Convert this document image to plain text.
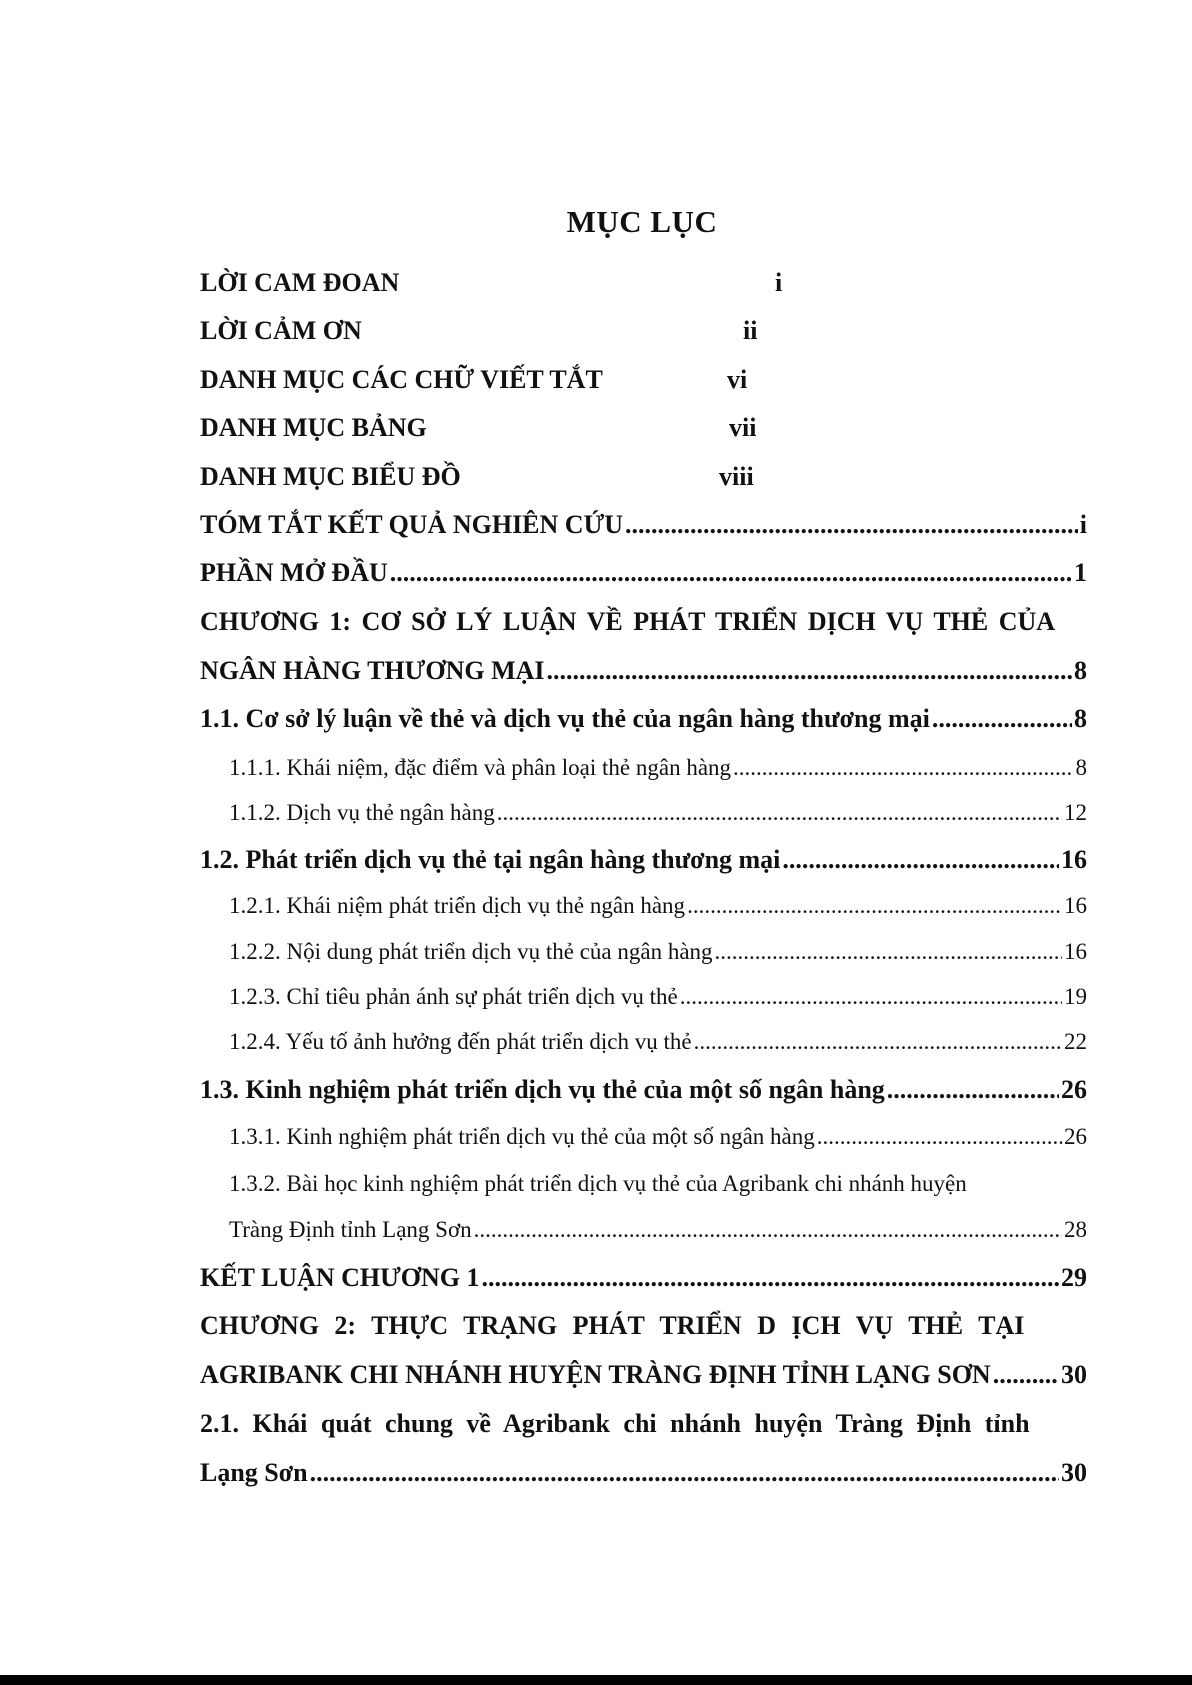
MỤC LỤC
LỜI CAM ĐOAN	i
LỜI CẢM ƠN	ii
DANH MỤC CÁC CHỮ VIẾT TẮT	vi
DANH MỤC BẢNG	vii
DANH MỤC BIỂU ĐỒ	viii
TÓM TẮT KẾT QUẢ NGHIÊN CỨU .....	i
PHẦN MỞ ĐẦU .....	1
CHƯƠNG 1: CƠ SỞ LÝ LUẬN VỀ PHÁT TRIỂN DỊCH VỤ THẺ CỦA
NGÂN HÀNG THƯƠNG MẠI .....	8
1.1. Cơ sở lý luận về thẻ và dịch vụ thẻ của ngân hàng thương mại .....	8
1.1.1. Khái niệm, đặc điểm và phân loại thẻ ngân hàng .....	8
1.1.2. Dịch vụ thẻ ngân hàng .....	12
1.2. Phát triển dịch vụ thẻ tại ngân hàng thương mại .....	16
1.2.1. Khái niệm phát triển dịch vụ thẻ ngân hàng .....	16
1.2.2. Nội dung phát triển dịch vụ thẻ của ngân hàng .....	16
1.2.3. Chỉ tiêu phản ánh sự phát triển dịch vụ thẻ .....	19
1.2.4. Yếu tố ảnh hưởng đến phát triển dịch vụ thẻ .....	22
1.3. Kinh nghiệm phát triển dịch vụ thẻ của một số ngân hàng .....	26
1.3.1. Kinh nghiệm phát triển dịch vụ thẻ của một số ngân hàng .....	26
1.3.2. Bài học kinh nghiệm phát triển dịch vụ thẻ của Agribank chi nhánh huyện
Tràng Định tỉnh Lạng Sơn .....	28
KẾT LUẬN CHƯƠNG 1 .....	29
CHƯƠNG 2: THỰC TRẠNG PHÁT TRIỂN D ỊCH VỤ THẺ TẠI
AGRIBANK CHI NHÁNH HUYỆN TRÀNG ĐỊNH TỈNH LẠNG SƠN .....	30
2.1. Khái quát chung về Agribank chi nhánh huyện Tràng Định tỉnh
Lạng Sơn .....	30
